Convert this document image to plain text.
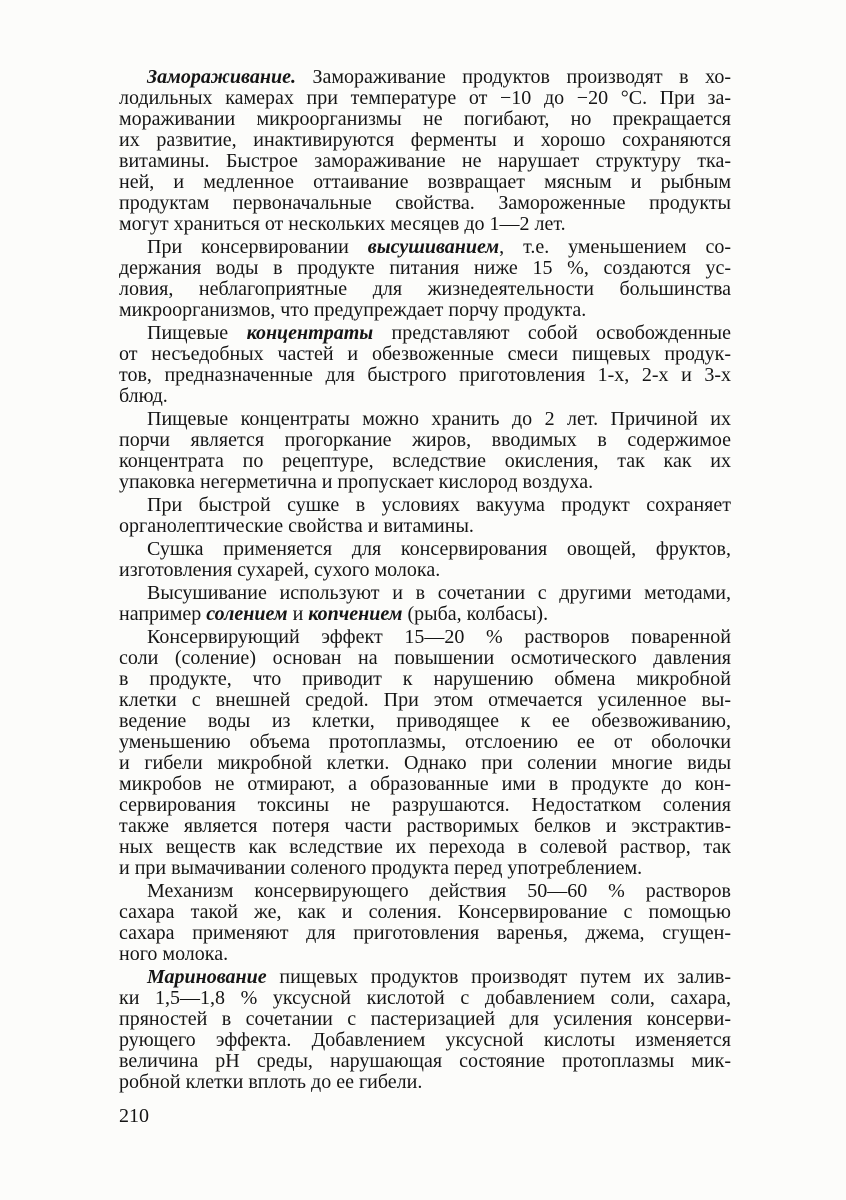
Замораживание. Замораживание продуктов производят в хо-
лодильных камерах при температуре от −10 до −20 °С. При за-
мораживании микроорганизмы не погибают, но прекращается
их развитие, инактивируются ферменты и хорошо сохраняются
витамины. Быстрое замораживание не нарушает структуру тка-
ней, и медленное оттаивание возвращает мясным и рыбным
продуктам первоначальные свойства. Замороженные продукты
могут храниться от нескольких месяцев до 1—2 лет.
При консервировании высушиванием, т.е. уменьшением со-
держания воды в продукте питания ниже 15 %, создаются ус-
ловия, неблагоприятные для жизнедеятельности большинства
микроорганизмов, что предупреждает порчу продукта.
Пищевые концентраты представляют собой освобожденные
от несъедобных частей и обезвоженные смеси пищевых продук-
тов, предназначенные для быстрого приготовления 1-х, 2-х и 3-х
блюд.
Пищевые концентраты можно хранить до 2 лет. Причиной их
порчи является прогоркание жиров, вводимых в содержимое
концентрата по рецептуре, вследствие окисления, так как их
упаковка негерметична и пропускает кислород воздуха.
При быстрой сушке в условиях вакуума продукт сохраняет
органолептические свойства и витамины.
Сушка применяется для консервирования овощей, фруктов,
изготовления сухарей, сухого молока.
Высушивание используют и в сочетании с другими методами,
например солением и копчением (рыба, колбасы).
Консервирующий эффект 15—20 % растворов поваренной
соли (соление) основан на повышении осмотического давления
в продукте, что приводит к нарушению обмена микробной
клетки с внешней средой. При этом отмечается усиленное вы-
ведение воды из клетки, приводящее к ее обезвоживанию,
уменьшению объема протоплазмы, отслоению ее от оболочки
и гибели микробной клетки. Однако при солении многие виды
микробов не отмирают, а образованные ими в продукте до кон-
сервирования токсины не разрушаются. Недостатком соления
также является потеря части растворимых белков и экстрактив-
ных веществ как вследствие их перехода в солевой раствор, так
и при вымачивании соленого продукта перед употреблением.
Механизм консервирующего действия 50—60 % растворов
сахара такой же, как и соления. Консервирование с помощью
сахара применяют для приготовления варенья, джема, сгущен-
ного молока.
Маринование пищевых продуктов производят путем их залив-
ки 1,5—1,8 % уксусной кислотой с добавлением соли, сахара,
пряностей в сочетании с пастеризацией для усиления консерви-
рующего эффекта. Добавлением уксусной кислоты изменяется
величина pH среды, нарушающая состояние протоплазмы мик-
робной клетки вплоть до ее гибели.
210
